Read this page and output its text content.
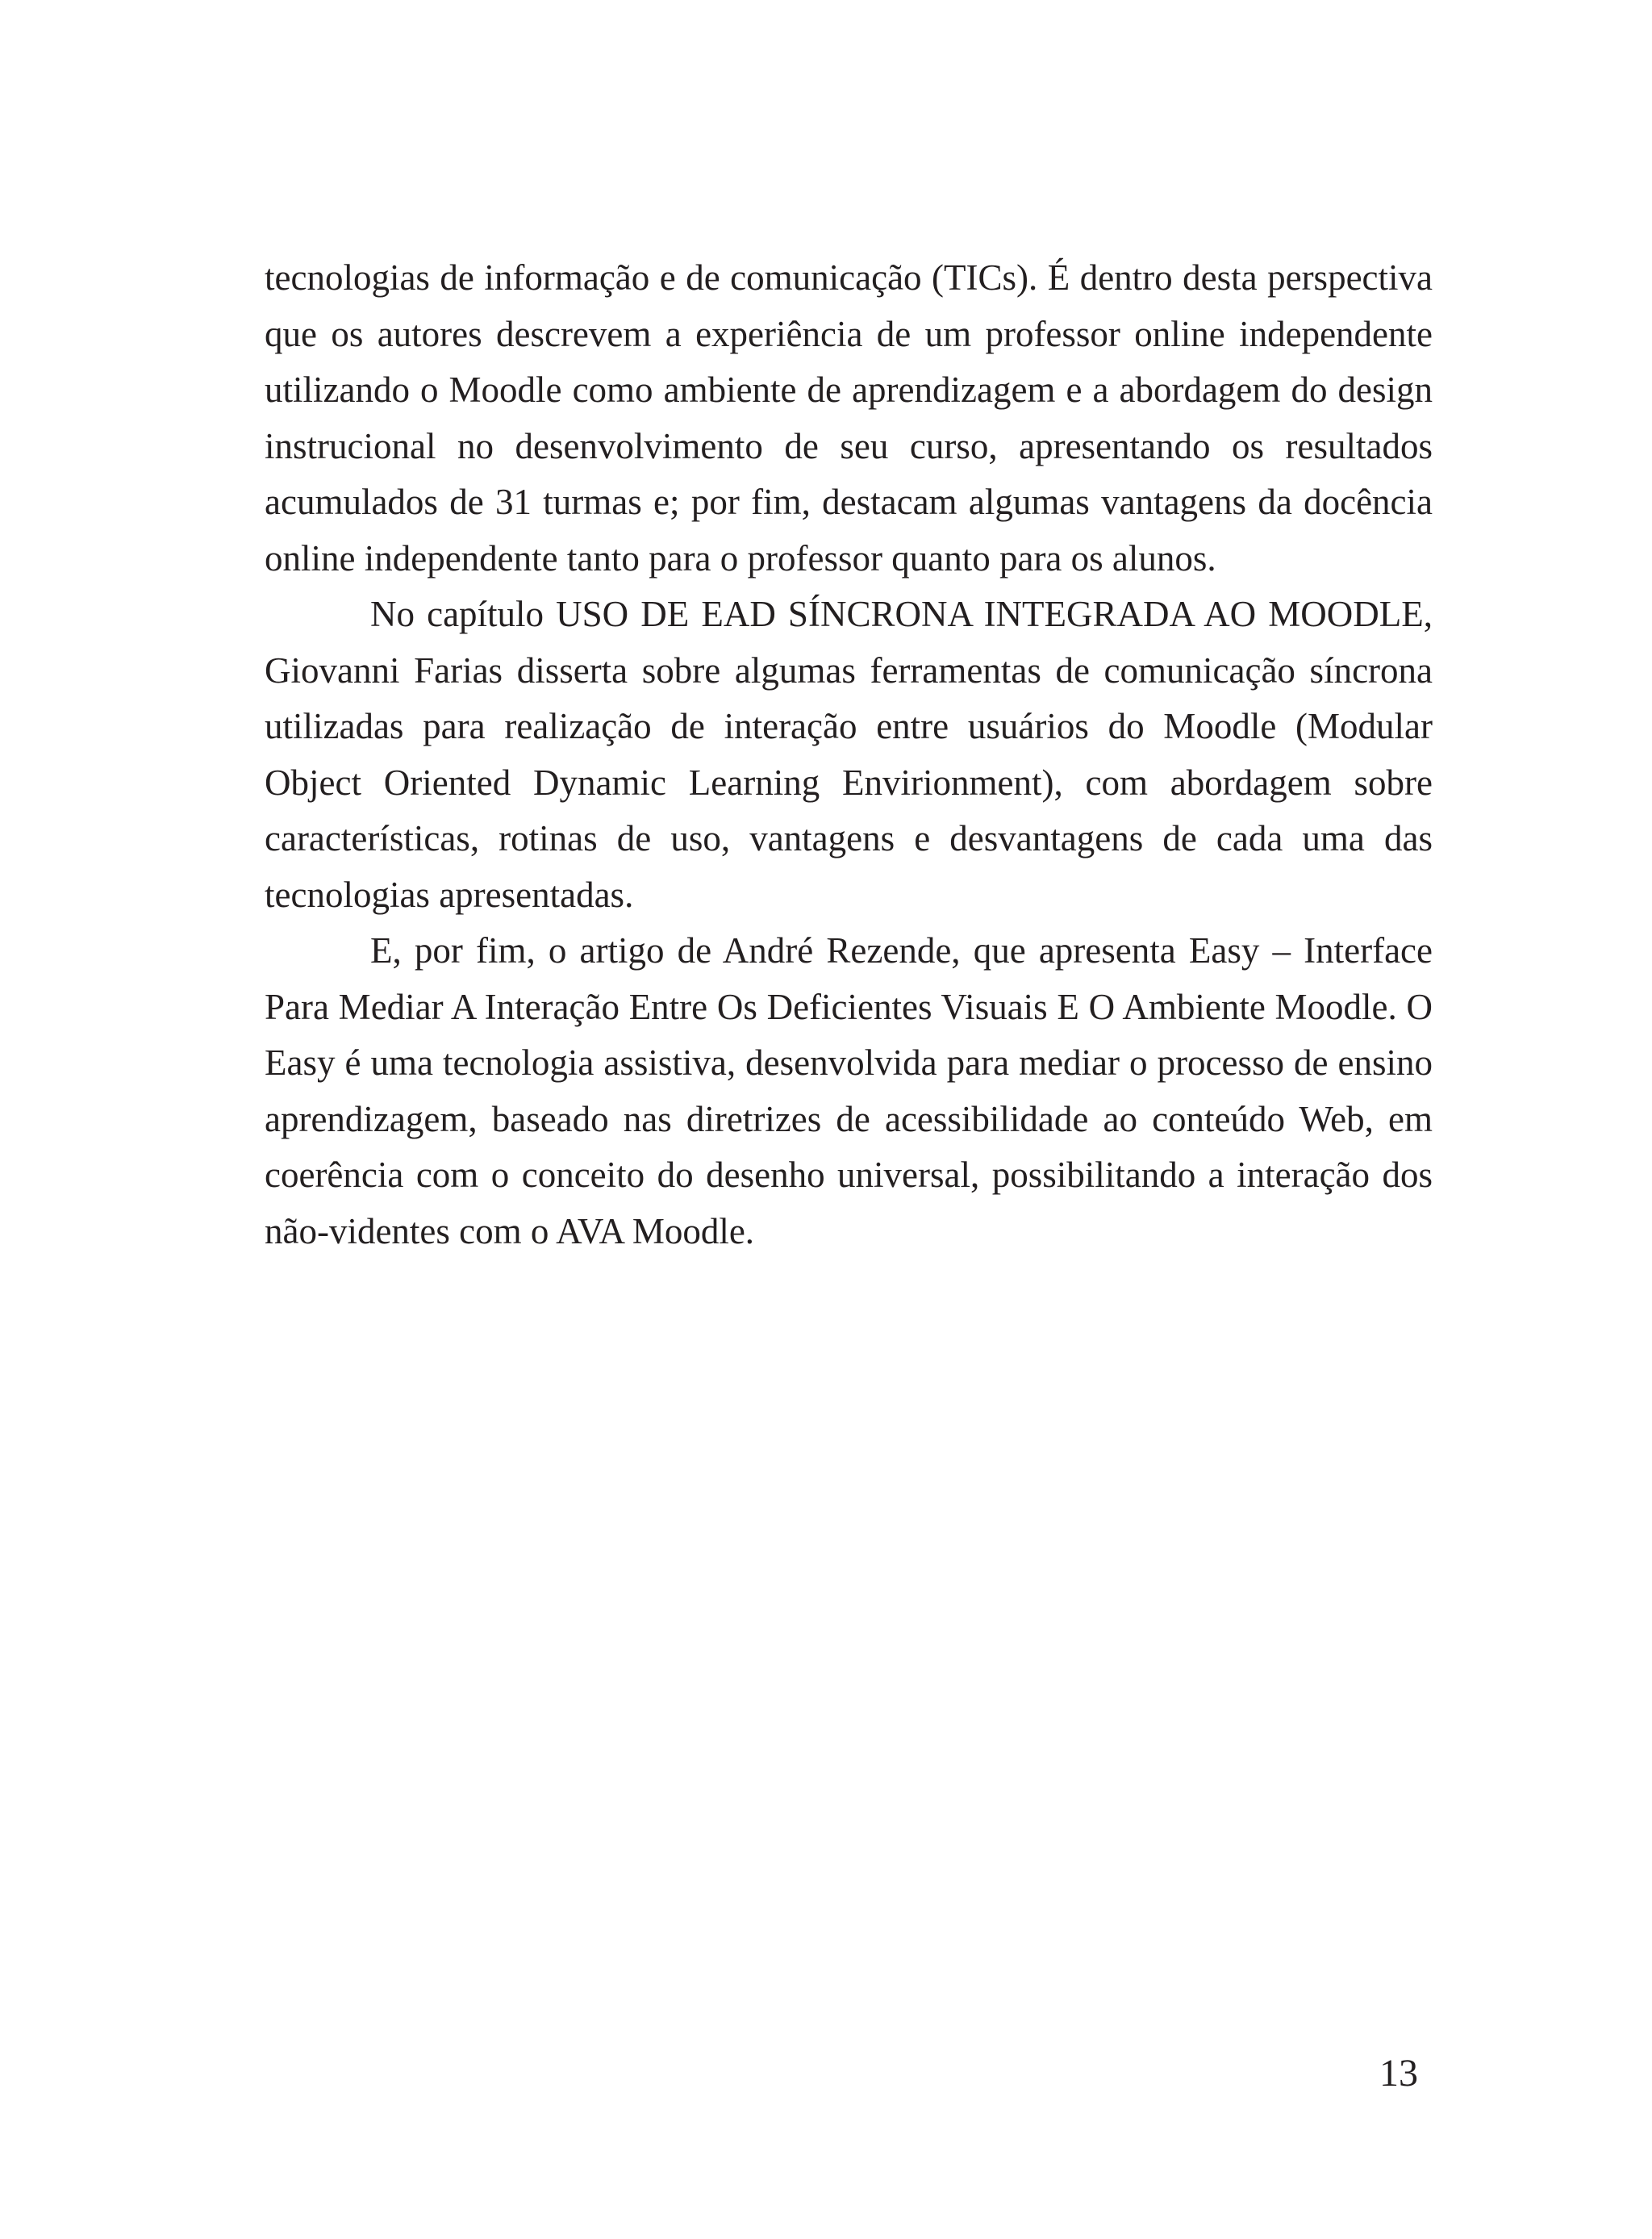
tecnologias de informação e de comunicação (TICs). É dentro desta perspectiva que os autores descrevem a experiência de um professor online independente utilizando o Moodle como ambiente de aprendizagem e a abordagem do design instrucional no desenvolvimento de seu curso, apresentando os resultados acumulados de 31 turmas e; por fim, destacam algumas vantagens da docência online independente tanto para o professor quanto para os alunos.

No capítulo USO DE EAD SÍNCRONA INTEGRADA AO MOODLE, Giovanni Farias disserta sobre algumas ferramentas de comunicação síncrona utilizadas para realização de interação entre usuários do Moodle (Modular Object Oriented Dynamic Learning Envirionment), com abordagem sobre características, rotinas de uso, vantagens e desvantagens de cada uma das tecnologias apresentadas.

E, por fim, o artigo de André Rezende, que apresenta Easy – Interface Para Mediar A Interação Entre Os Deficientes Visuais E O Ambiente Moodle. O Easy é uma tecnologia assistiva, desenvolvida para mediar o processo de ensino aprendizagem, baseado nas diretrizes de acessibilidade ao conteúdo Web, em coerência com o conceito do desenho universal, possibilitando a interação dos não-videntes com o AVA Moodle.

13
